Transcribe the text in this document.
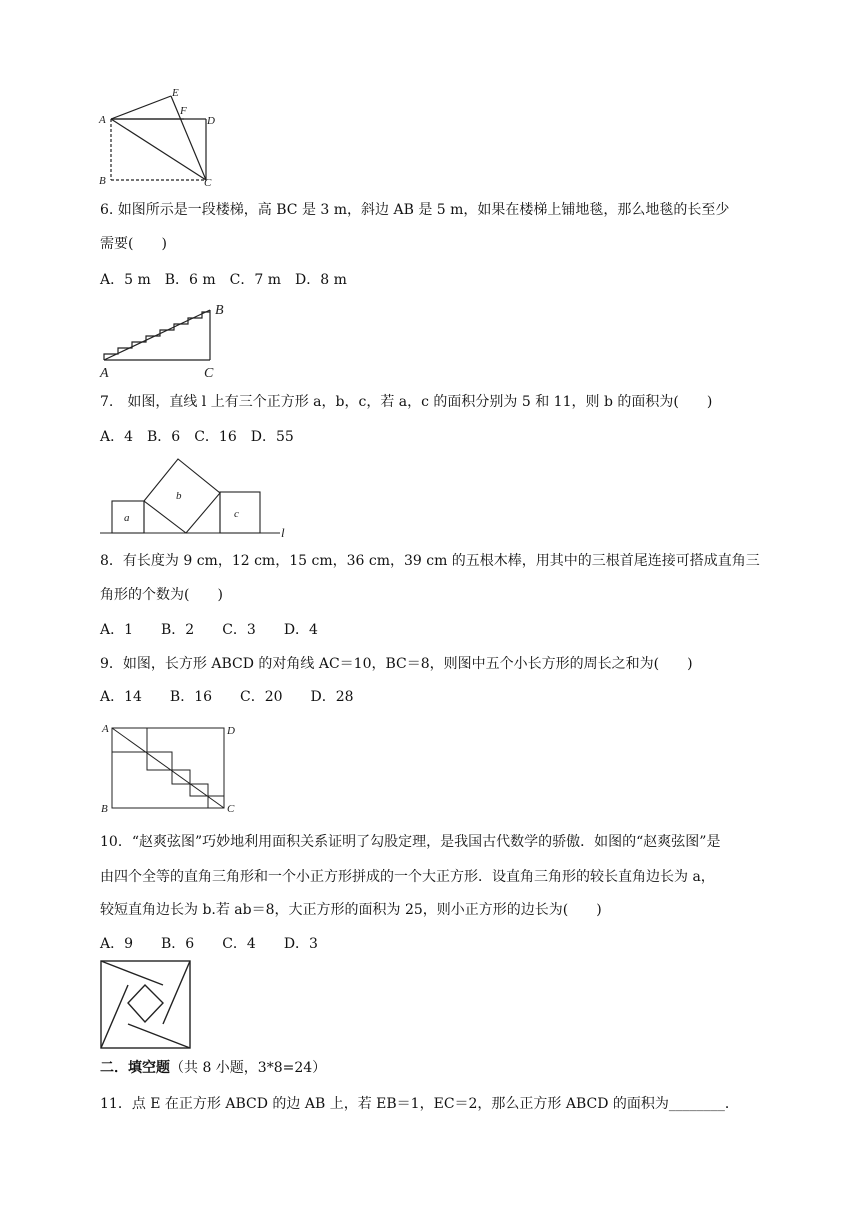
E
F
A	D
B	C
6. 如图所示是一段楼梯，高 BC 是 3 m，斜边 AB 是 5 m，如果在楼梯上铺地毯，那么地毯的长至少
需要(　　)
A．5 m　B．6 m　C．7 m　D．8 m
B
A	C
7.　如图，直线 l 上有三个正方形 a，b，c，若 a，c 的面积分别为 5 和 11，则 b 的面积为(　　)
A．4　B．6　C．16　D．55
a
b
c
l
8．有长度为 9 cm，12 cm，15 cm，36 cm，39 cm 的五根木棒，用其中的三根首尾连接可搭成直角三
角形的个数为(　　)
A．1　　B．2　　C．3　　D．4
9．如图，长方形 ABCD 的对角线 AC＝10，BC＝8，则图中五个小长方形的周长之和为(　　)
A．14　　B．16　　C．20　　D．28
A	D
B	C
10．“赵爽弦图”巧妙地利用面积关系证明了勾股定理，是我国古代数学的骄傲．如图的“赵爽弦图”是
由四个全等的直角三角形和一个小正方形拼成的一个大正方形．设直角三角形的较长直角边长为 a，
较短直角边长为 b.若 ab＝8，大正方形的面积为 25，则小正方形的边长为(　　)
A．9　　B．6　　C．4　　D．3
二．填空题（共 8 小题，3*8=24）
11．点 E 在正方形 ABCD 的边 AB 上，若 EB＝1，EC＝2，那么正方形 ABCD 的面积为________．
